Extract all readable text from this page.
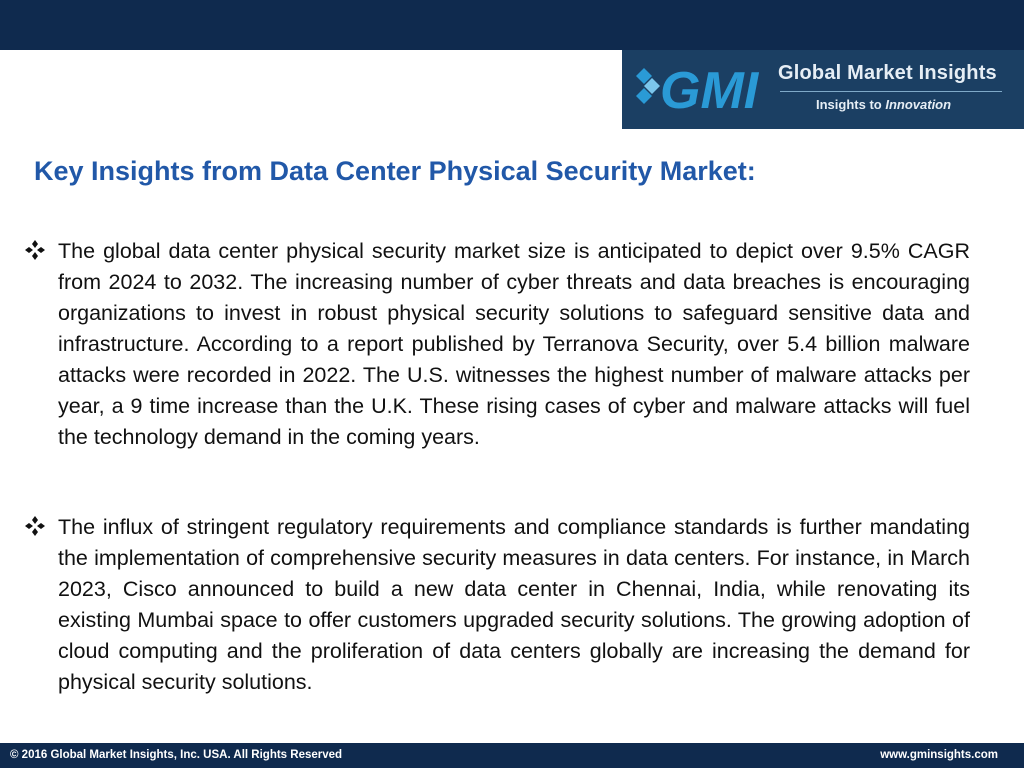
GMI Global Market Insights
Insights to Innovation
Key Insights from Data Center Physical Security Market:

The global data center physical security market size is anticipated to depict over 9.5% CAGR from 2024 to 2032. The increasing number of cyber threats and data breaches is encouraging organizations to invest in robust physical security solutions to safeguard sensitive data and infrastructure. According to a report published by Terranova Security, over 5.4 billion malware attacks were recorded in 2022. The U.S. witnesses the highest number of malware attacks per year, a 9 time increase than the U.K. These rising cases of cyber and malware attacks will fuel the technology demand in the coming years.

The influx of stringent regulatory requirements and compliance standards is further mandating the implementation of comprehensive security measures in data centers. For instance, in March 2023, Cisco announced to build a new data center in Chennai, India, while renovating its existing Mumbai space to offer customers upgraded security solutions. The growing adoption of cloud computing and the proliferation of data centers globally are increasing the demand for physical security solutions.

© 2016 Global Market Insights, Inc. USA. All Rights Reserved	www.gminsights.com
